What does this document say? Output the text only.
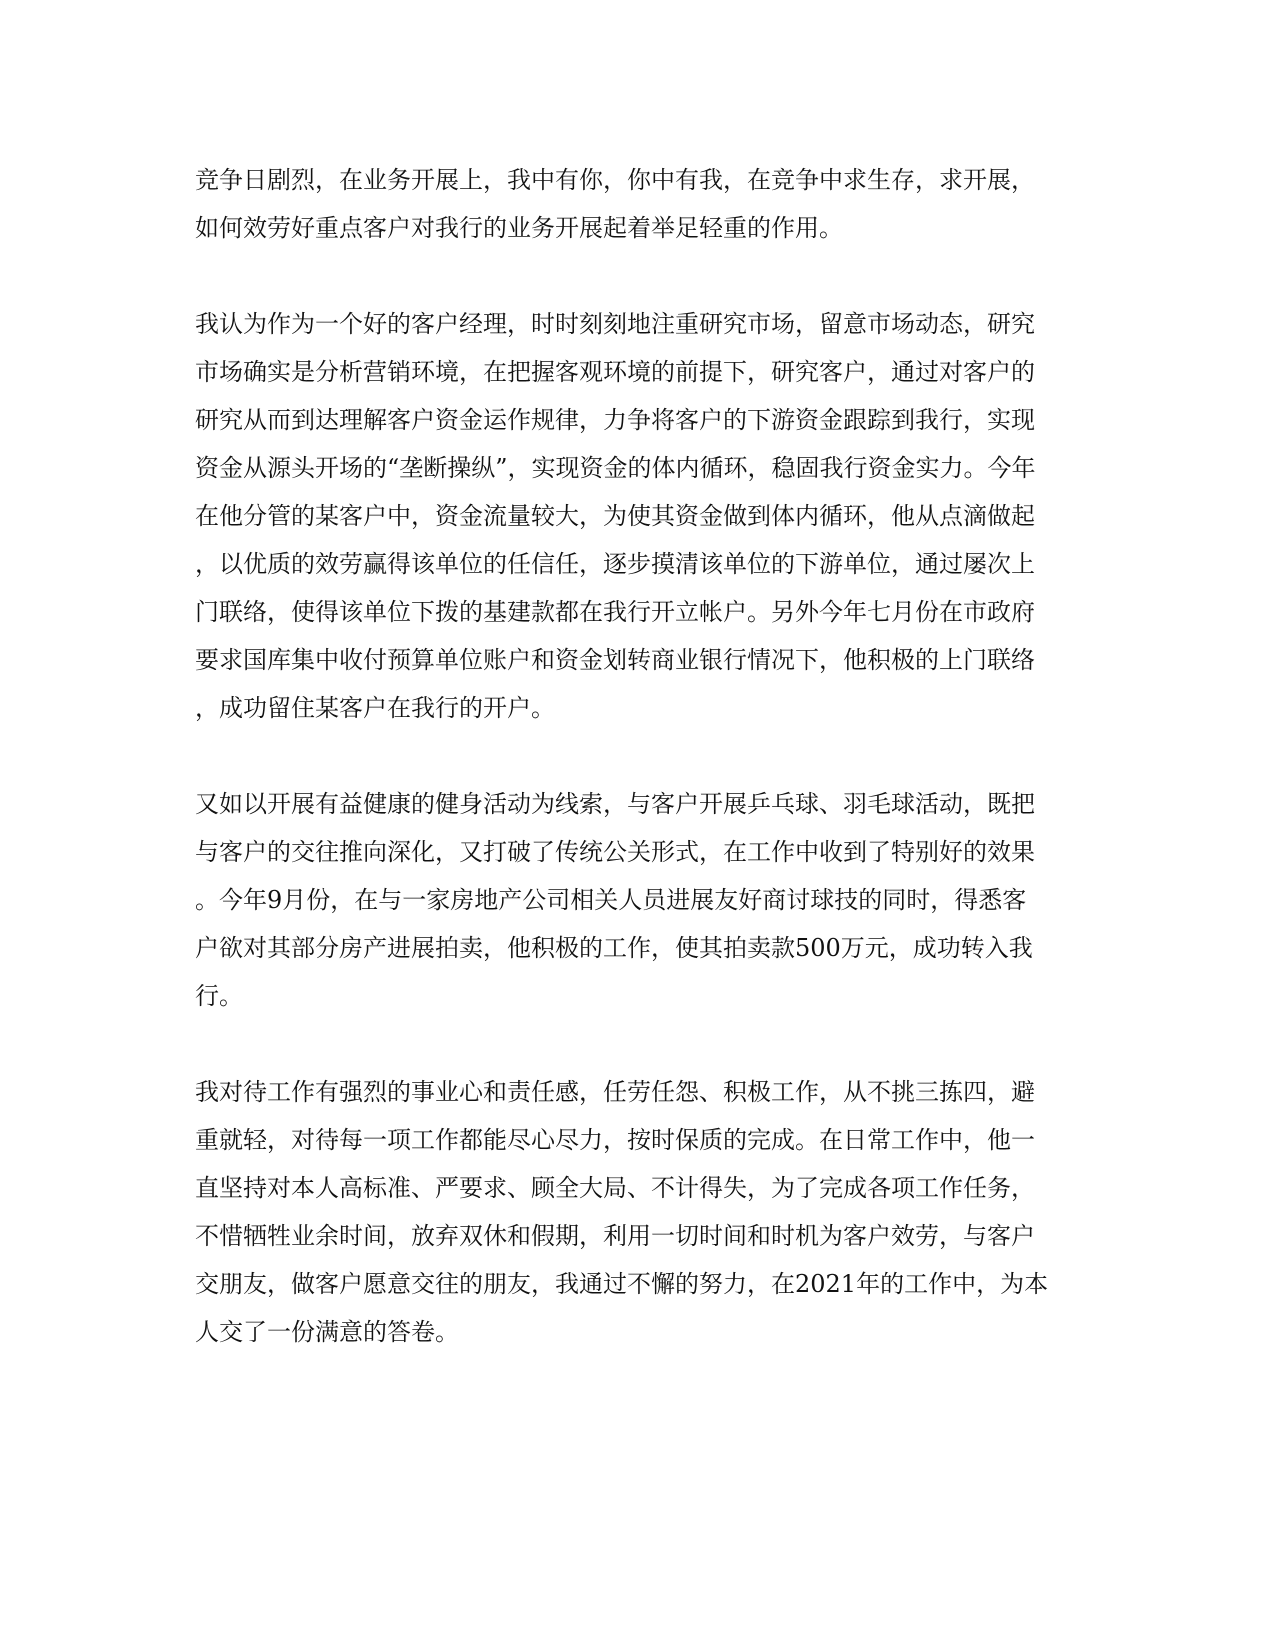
竞争日剧烈，在业务开展上，我中有你，你中有我，在竞争中求生存，求开展，
如何效劳好重点客户对我行的业务开展起着举足轻重的作用。
我认为作为一个好的客户经理，时时刻刻地注重研究市场，留意市场动态，研究
市场确实是分析营销环境，在把握客观环境的前提下，研究客户，通过对客户的
研究从而到达理解客户资金运作规律，力争将客户的下游资金跟踪到我行，实现
资金从源头开场的“垄断操纵”，实现资金的体内循环，稳固我行资金实力。今年
在他分管的某客户中，资金流量较大，为使其资金做到体内循环，他从点滴做起
，以优质的效劳赢得该单位的任信任，逐步摸清该单位的下游单位，通过屡次上
门联络，使得该单位下拨的基建款都在我行开立帐户。另外今年七月份在市政府
要求国库集中收付预算单位账户和资金划转商业银行情况下，他积极的上门联络
，成功留住某客户在我行的开户。
又如以开展有益健康的健身活动为线索，与客户开展乒乓球、羽毛球活动，既把
与客户的交往推向深化，又打破了传统公关形式，在工作中收到了特别好的效果
。今年9月份，在与一家房地产公司相关人员进展友好商讨球技的同时，得悉客
户欲对其部分房产进展拍卖，他积极的工作，使其拍卖款500万元，成功转入我
行。
我对待工作有强烈的事业心和责任感，任劳任怨、积极工作，从不挑三拣四，避
重就轻，对待每一项工作都能尽心尽力，按时保质的完成。在日常工作中，他一
直坚持对本人高标准、严要求、顾全大局、不计得失，为了完成各项工作任务，
不惜牺牲业余时间，放弃双休和假期，利用一切时间和时机为客户效劳，与客户
交朋友，做客户愿意交往的朋友，我通过不懈的努力，在2021年的工作中，为本
人交了一份满意的答卷。
